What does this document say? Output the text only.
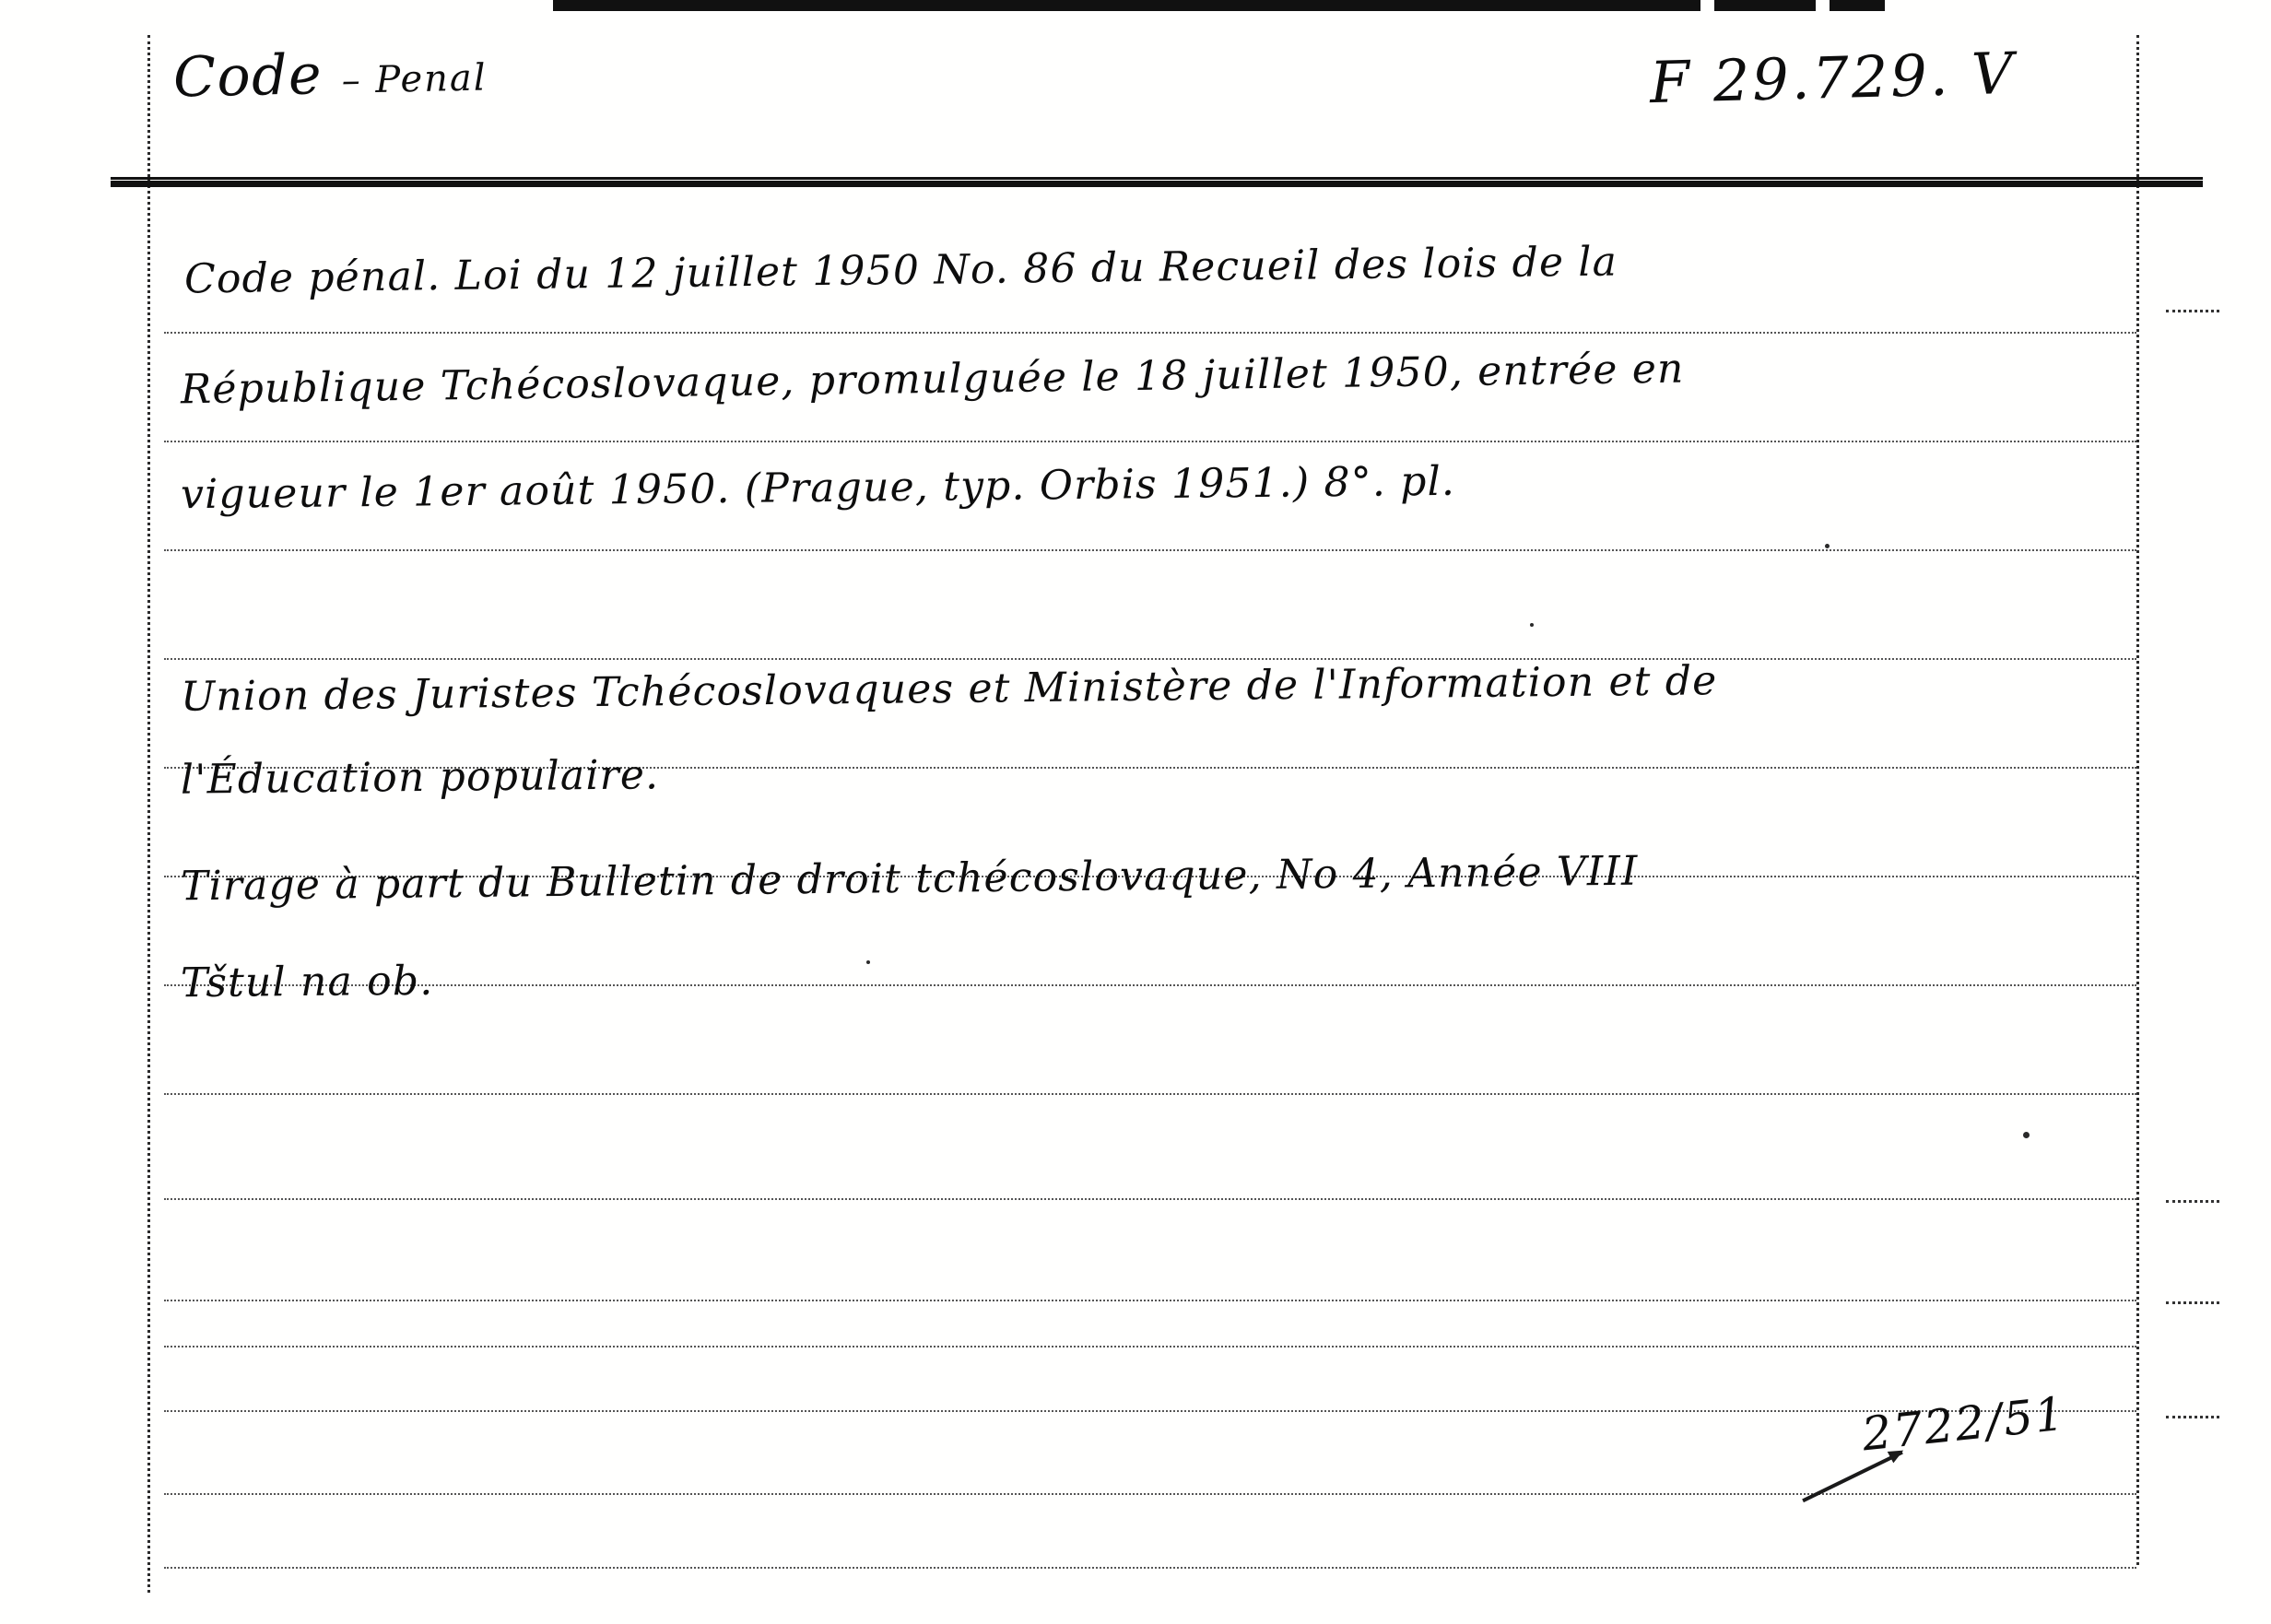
Code – Penal	F 29.729. V
Code pénal. Loi du 12 juillet 1950 No. 86 du Recueil des lois de la
République Tchécoslovaque, promulguée le 18 juillet 1950, entrée en
vigueur le 1er août 1950. (Prague, typ. Orbis 1951.) 8°. pl.
Union des Juristes Tchécoslovaques et Ministère de l'Information et de
l'Éducation populaire.
Tirage à part du Bulletin de droit tchécoslovaque, No 4, Année VIII
Tštul na ob.
2722/51
